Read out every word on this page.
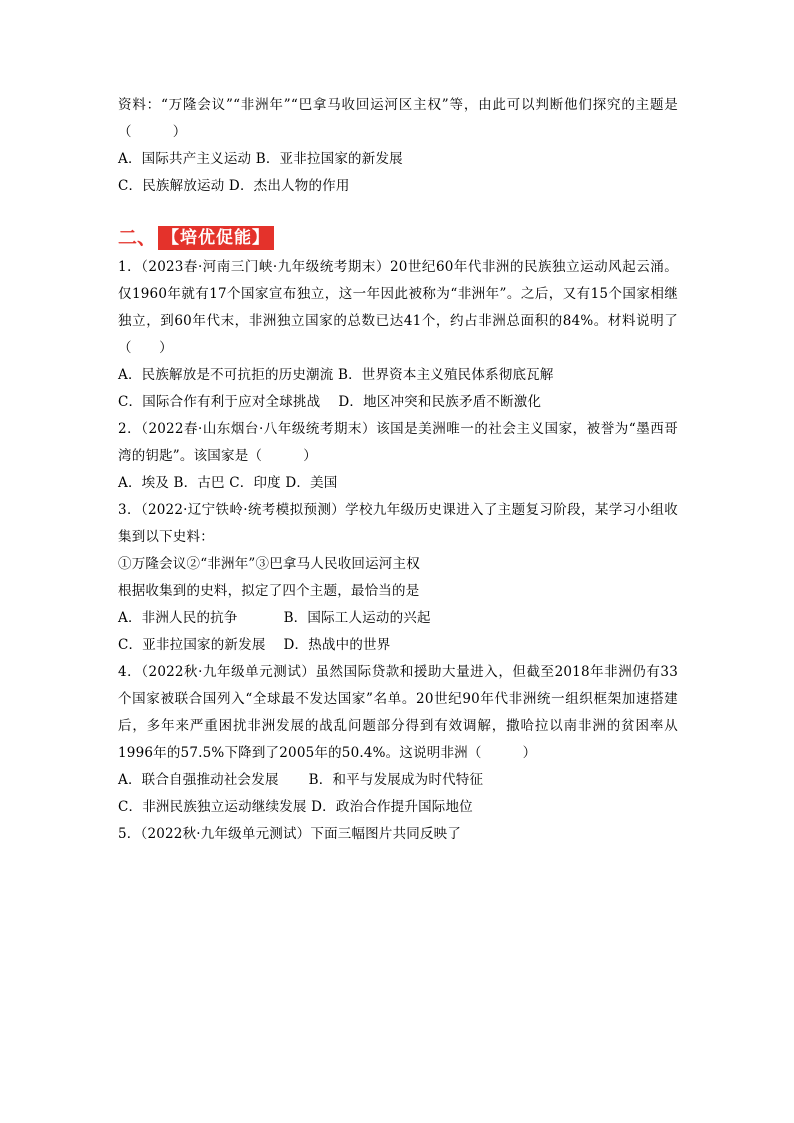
资料：“万隆会议”“非洲年”“巴拿马收回运河区主权”等，由此可以判断他们探究的主题是（　　　）
A．国际共产主义运动 B．亚非拉国家的新发展
C．民族解放运动 D．杰出人物的作用
二、 【培优促能】
1．（2023春·河南三门峡·九年级统考期末）20世纪60年代非洲的民族独立运动风起云涌。仅1960年就有17个国家宣布独立，这一年因此被称为“非洲年”。之后，又有15个国家相继独立，到60年代末，非洲独立国家的总数已达41个，约占非洲总面积的84%。材料说明了（　　）
A．民族解放是不可抗拒的历史潮流 B．世界资本主义殖民体系彻底瓦解
C．国际合作有利于应对全球挑战 D．地区冲突和民族矛盾不断激化
2．（2022春·山东烟台·八年级统考期末）该国是美洲唯一的社会主义国家，被誉为“墨西哥湾的钥匙”。该国家是（　　　）
A．埃及 B．古巴 C．印度 D．美国
3．（2022·辽宁铁岭·统考模拟预测）学校九年级历史课进入了主题复习阶段，某学习小组收集到以下史料：
①万隆会议②“非洲年”③巴拿马人民收回运河主权
根据收集到的史料，拟定了四个主题，最恰当的是
A．非洲人民的抗争	B．国际工人运动的兴起
C．亚非拉国家的新发展 D．热战中的世界
4．（2022秋·九年级单元测试）虽然国际贷款和援助大量进入，但截至2018年非洲仍有33个国家被联合国列入“全球最不发达国家”名单。20世纪90年代非洲统一组织框架加速搭建后，多年来严重困扰非洲发展的战乱问题部分得到有效调解，撒哈拉以南非洲的贫困率从1996年的57.5%下降到了2005年的50.4%。这说明非洲（　　　）
A．联合自强推动社会发展 B．和平与发展成为时代特征
C．非洲民族独立运动继续发展 D．政治合作提升国际地位
5．（2022秋·九年级单元测试）下面三幅图片共同反映了
